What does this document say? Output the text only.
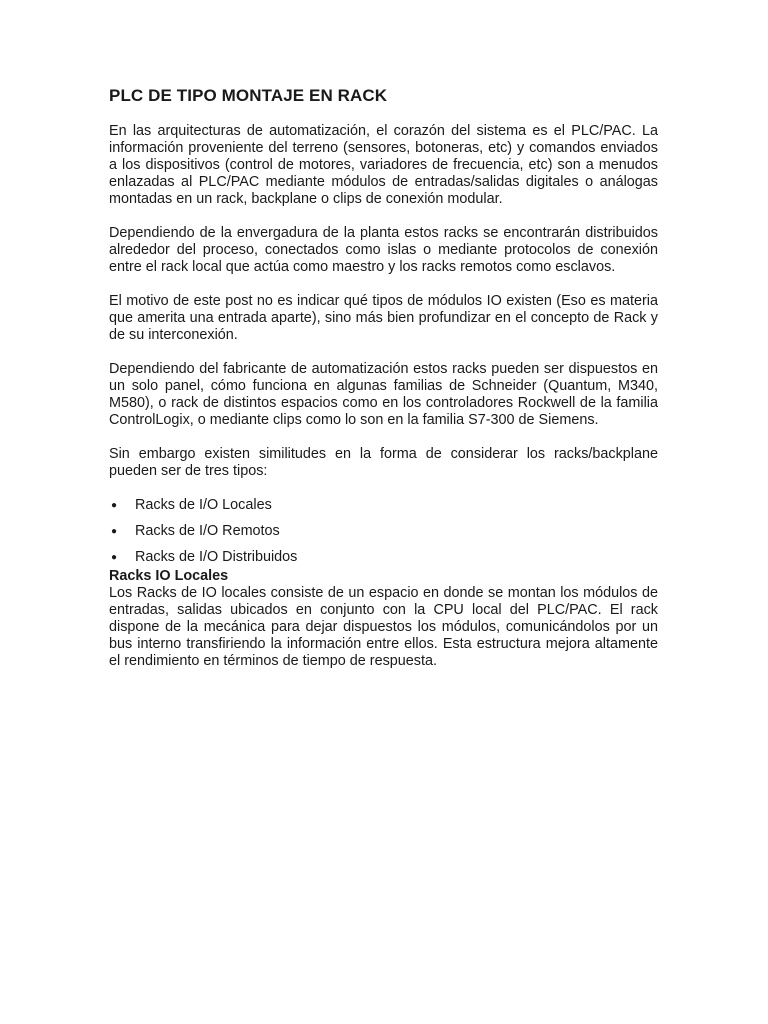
PLC DE TIPO MONTAJE EN RACK

En las arquitecturas de automatización, el corazón del sistema es el PLC/PAC. La información proveniente del terreno (sensores, botoneras, etc) y comandos enviados a los dispositivos (control de motores, variadores de frecuencia, etc) son a menudos enlazadas al PLC/PAC mediante módulos de entradas/salidas digitales o análogas montadas en un rack, backplane o clips de conexión modular.

Dependiendo de la envergadura de la planta estos racks se encontrarán distribuidos alrededor del proceso, conectados como islas o mediante protocolos de conexión entre el rack local que actúa como maestro y los racks remotos como esclavos.

El motivo de este post no es indicar qué tipos de módulos IO existen (Eso es materia que amerita una entrada aparte), sino más bien profundizar en el concepto de Rack y de su interconexión.

Dependiendo del fabricante de automatización estos racks pueden ser dispuestos en un solo panel, cómo funciona en algunas familias de Schneider (Quantum, M340, M580), o rack de distintos espacios como en los controladores Rockwell de la familia ControlLogix, o mediante clips como lo son en la familia S7-300 de Siemens.

Sin embargo existen similitudes en la forma de considerar los racks/backplane pueden ser de tres tipos:

● Racks de I/O Locales
● Racks de I/O Remotos
● Racks de I/O Distribuidos
Racks IO Locales

Los Racks de IO locales consiste de un espacio en donde se montan los módulos de entradas, salidas ubicados en conjunto con la CPU local del PLC/PAC. El rack dispone de la mecánica para dejar dispuestos los módulos, comunicándolos por un bus interno transfiriendo la información entre ellos. Esta estructura mejora altamente el rendimiento en términos de tiempo de respuesta.
